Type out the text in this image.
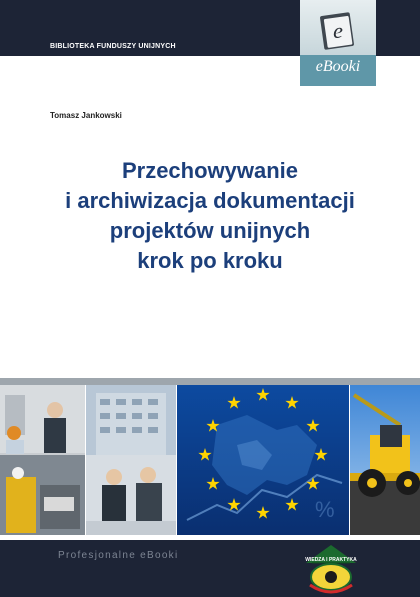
BIBLIOTEKA FUNDUSZY UNIJNYCH
e
eBooki
Tomasz Jankowski
Przechowywanie
i archiwizacja dokumentacji
projektów unijnych
krok po kroku
%
Profesjonalne eBooki	WIEDZA I PRAKTYKA
